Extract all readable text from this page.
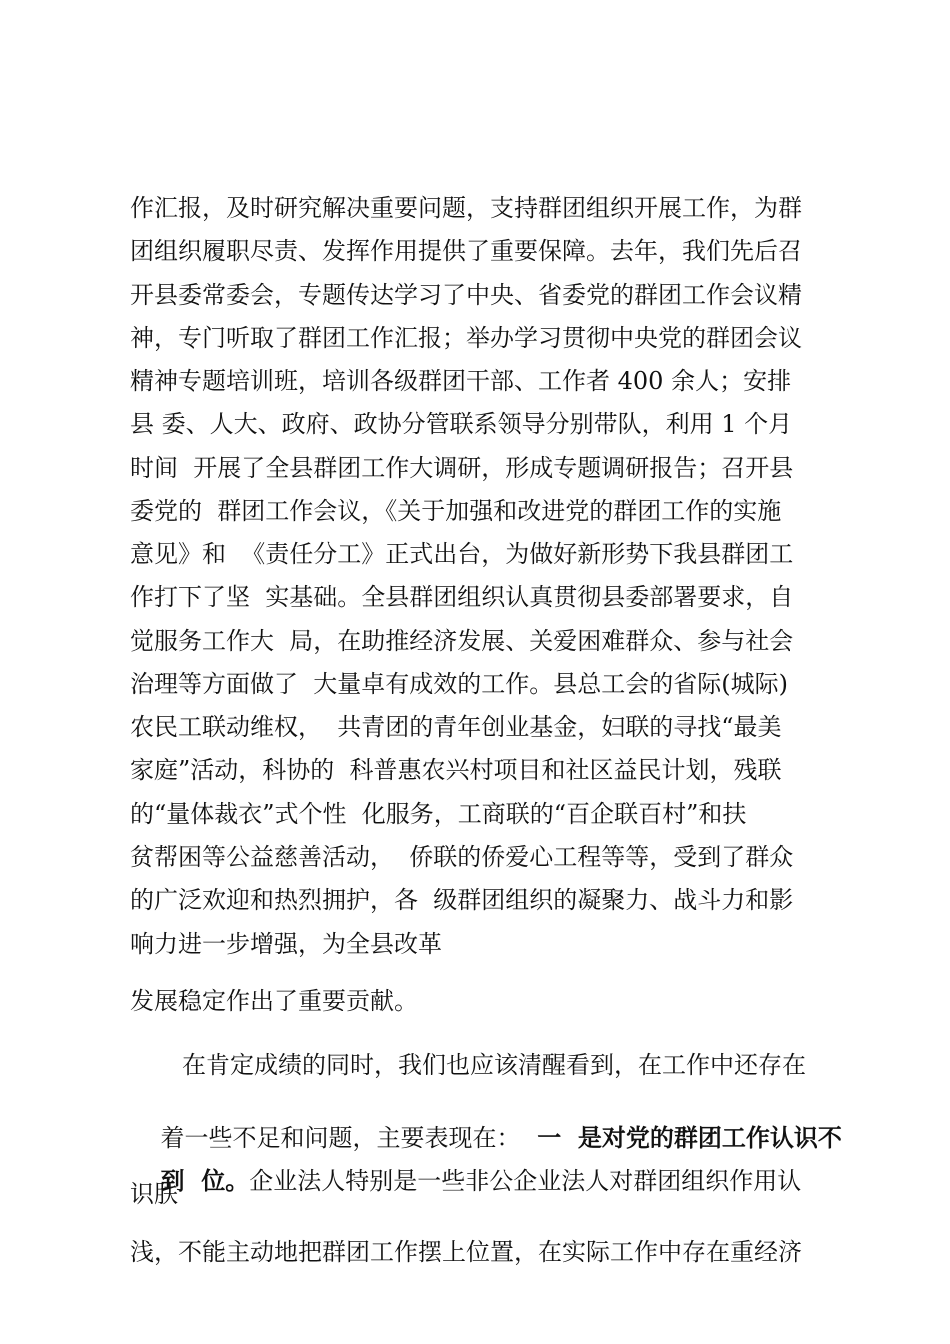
作汇报，及时研究解决重要问题，支持群团组织开展工作，为群
团组织履职尽责、发挥作用提供了重要保障。去年，我们先后召
开县委常委会，专题传达学习了中央、省委党的群团工作会议精
神，专门听取了群团工作汇报；举办学习贯彻中央党的群团会议
精神专题培训班，培训各级群团干部、工作者 400 余人；安排
县 委、人大、政府、政协分管联系领导分别带队，利用 1 个月
时间  开展了全县群团工作大调研，形成专题调研报告；召开县
委党的  群团工作会议，《关于加强和改进党的群团工作的实施
意见》和  《责任分工》正式出台，为做好新形势下我县群团工
作打下了坚  实基础。全县群团组织认真贯彻县委部署要求，自
觉服务工作大  局，在助推经济发展、关爱困难群众、参与社会
治理等方面做了  大量卓有成效的工作。县总工会的省际(城际)
农民工联动维权，  共青团的青年创业基金，妇联的寻找“最美
家庭”活动，科协的  科普惠农兴村项目和社区益民计划，残联
的“量体裁衣”式个性  化服务，工商联的“百企联百村”和扶
贫帮困等公益慈善活动，  侨联的侨爱心工程等等，受到了群众
的广泛欢迎和热烈拥护，各  级群团组织的凝聚力、战斗力和影
响力进一步增强，为全县改革
发展稳定作出了重要贡献。
在肯定成绩的同时，我们也应该清醒看到，在工作中还存在

着一些不足和问题，主要表现在：  一  是对党的群团工作认识不

到  位。企业法人特别是一些非公企业法人对群团组织作用认

识肤
浅，不能主动地把群团工作摆上位置，在实际工作中存在重经济
